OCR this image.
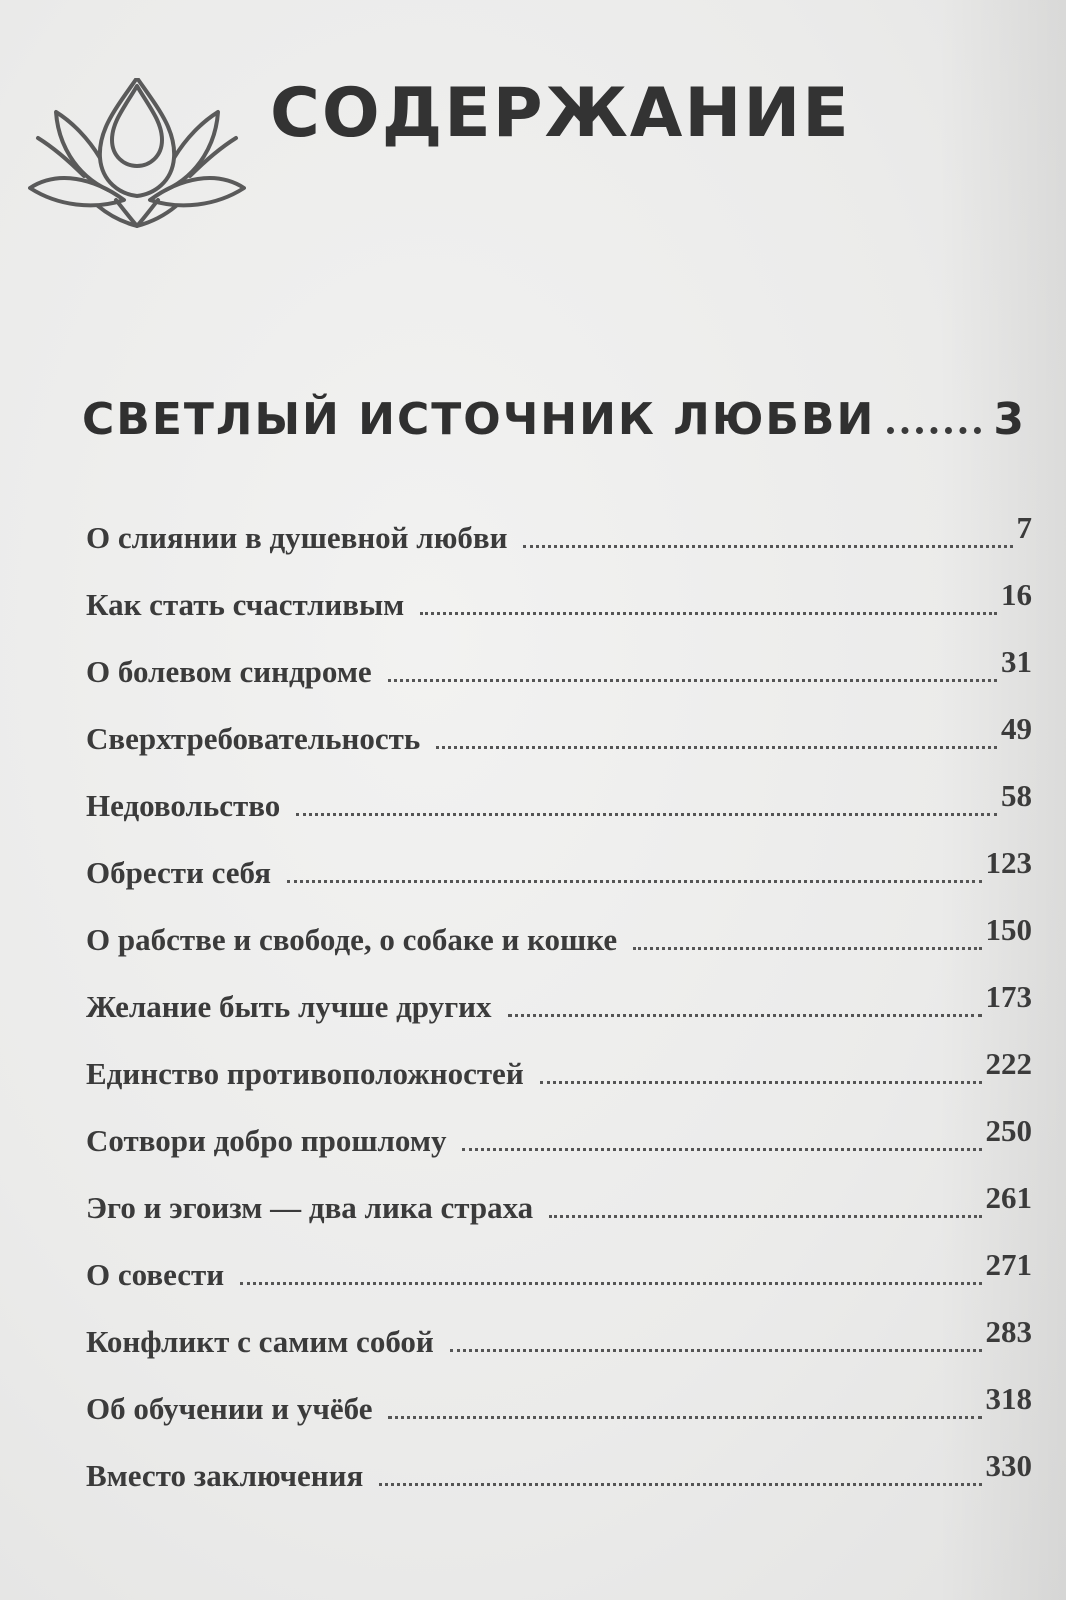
СОДЕРЖАНИЕ
СВЕТЛЫЙ ИСТОЧНИК ЛЮБВИ	3
О слиянии в душевной любви	7
Как стать счастливым	16
О болевом синдроме	31
Сверхтребовательность	49
Недовольство	58
Обрести себя	123
О рабстве и свободе, о собаке и кошке	150
Желание быть лучше других	173
Единство противоположностей	222
Сотвори добро прошлому	250
Эго и эгоизм — два лика страха	261
О совести	271
Конфликт с самим собой	283
Об обучении и учёбе	318
Вместо заключения	330
